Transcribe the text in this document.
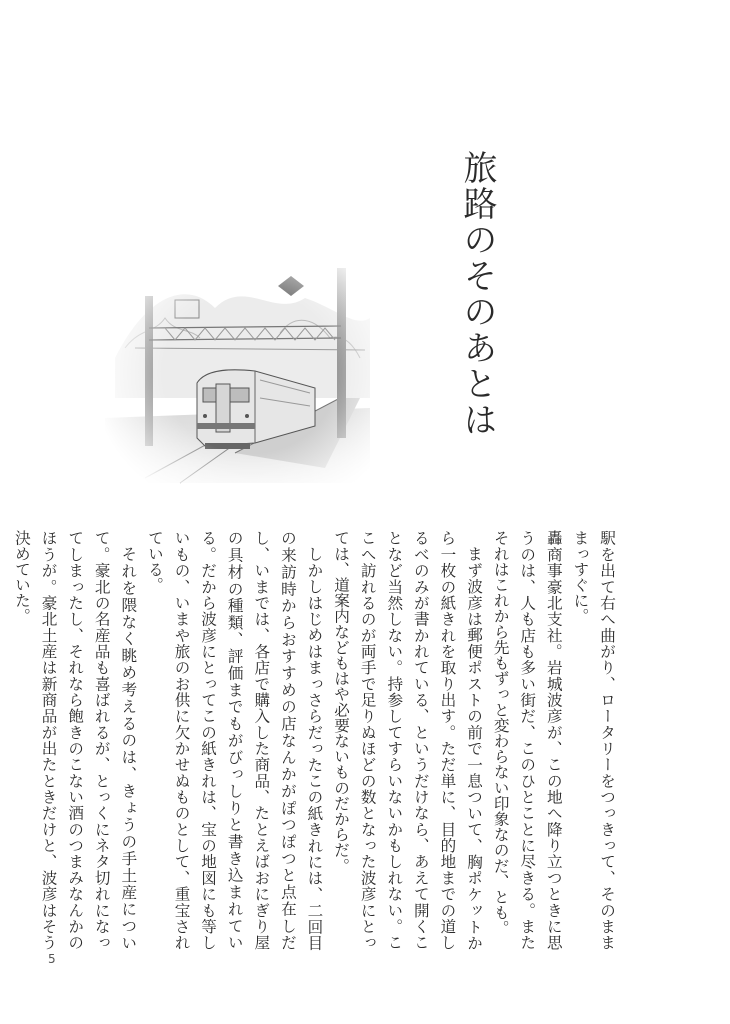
旅路のそのあとは

駅を出て右へ曲がり、ロータリーをつっきって、そのまままっすぐに。

轟商事豪北支社。岩城波彦が、この地へ降り立つときに思うのは、人も店も多い街だ、このひとことに尽きる。またそれはこれから先もずっと変わらない印象なのだ、とも。

まず波彦は郵便ポストの前で一息ついて、胸ポケットから一枚の紙きれを取り出す。ただ単に、目的地までの道しるべのみが書かれている、というだけなら、あえて開くことなど当然しない。持参してすらいないかもしれない。ここへ訪れるのが両手で足りぬほどの数となった波彦にとっては、道案内などもはや必要ないものだからだ。

しかしはじめはまっさらだったこの紙きれには、二回目の来訪時からおすすめの店なんかがぽつぽつと点在しだし、いまでは、各店で購入した商品、たとえばおにぎり屋の具材の種類、評価までもがびっしりと書き込まれている。だから波彦にとってこの紙きれは、宝の地図にも等しいもの、いまや旅のお供に欠かせぬものとして、重宝されている。

それを隈なく眺め考えるのは、きょうの手土産について。豪北の名産品も喜ばれるが、とっくにネタ切れになってしまったし、それなら飽きのこない酒のつまみなんかのほうが。豪北土産は新商品が出たときだけと、波彦はそう決めていた。

5
